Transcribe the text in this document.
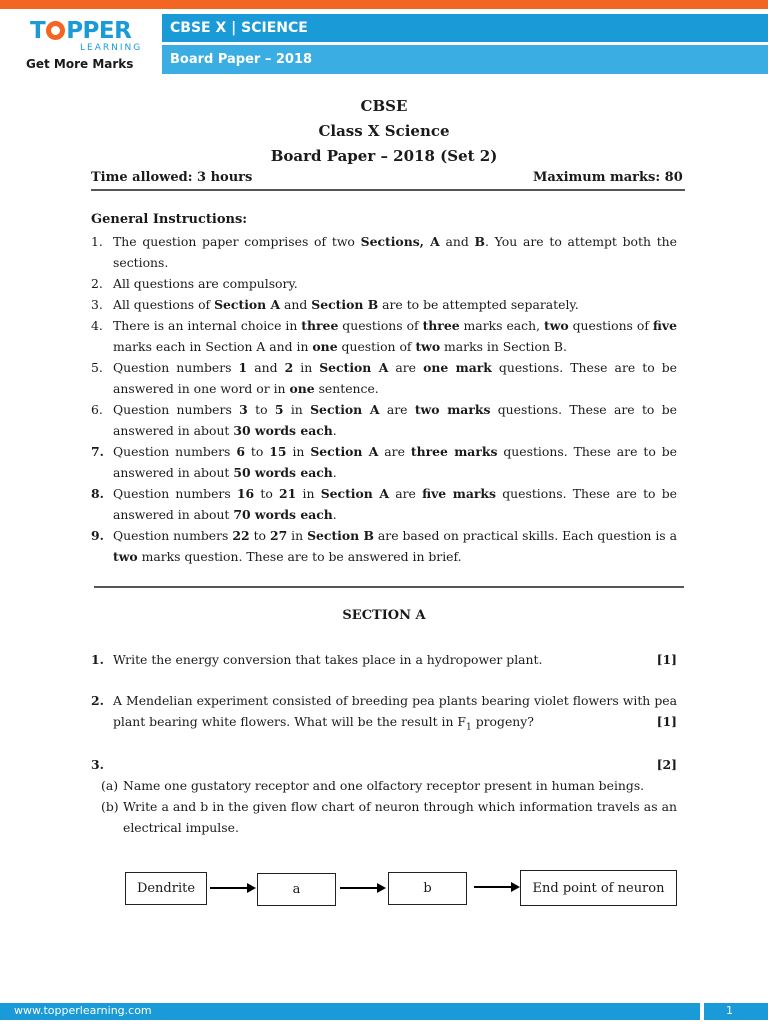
T PPER
LEARNING
Get More Marks
CBSE X | SCIENCE
Board Paper – 2018
CBSE
Class X Science
Board Paper – 2018 (Set 2)
Time allowed: 3 hours	Maximum marks: 80
General Instructions:
1. The question paper comprises of two Sections, A and B. You are to attempt both the sections.
2. All questions are compulsory.
3. All questions of Section A and Section B are to be attempted separately.
4. There is an internal choice in three questions of three marks each, two questions of five marks each in Section A and in one question of two marks in Section B.
5. Question numbers 1 and 2 in Section A are one mark questions. These are to be answered in one word or in one sentence.
6. Question numbers 3 to 5 in Section A are two marks questions. These are to be answered in about 30 words each.
7. Question numbers 6 to 15 in Section A are three marks questions. These are to be answered in about 50 words each.
8. Question numbers 16 to 21 in Section A are five marks questions. These are to be answered in about 70 words each.
9. Question numbers 22 to 27 in Section B are based on practical skills. Each question is a two marks question. These are to be answered in brief.
SECTION A
1. Write the energy conversion that takes place in a hydropower plant.	[1]
2. A Mendelian experiment consisted of breeding pea plants bearing violet flowers with pea plant bearing white flowers. What will be the result in $F_1$ progeny?	[1]
3.	[2]
(a) Name one gustatory receptor and one olfactory receptor present in human beings.
(b) Write a and b in the given flow chart of neuron through which information travels as an electrical impulse.
Dendrite	a	b	End point of neuron
www.topperlearning.com	1
